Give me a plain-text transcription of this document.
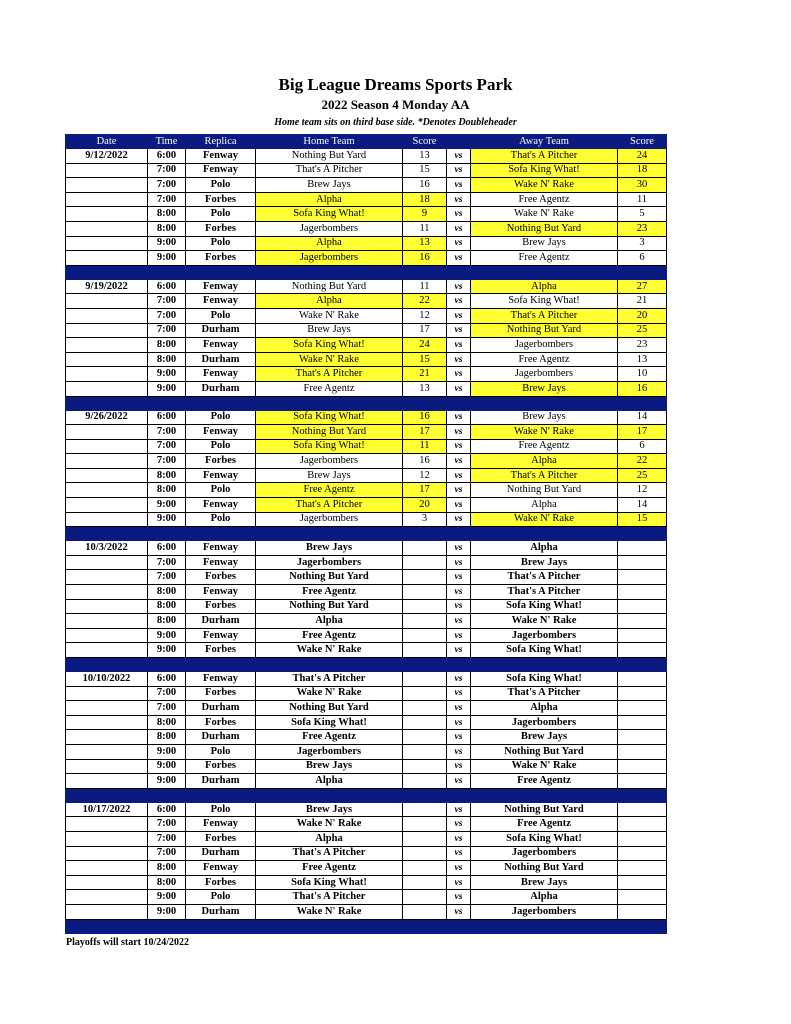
Big League Dreams Sports Park
2022 Season 4 Monday AA
Home team sits on third base side. *Denotes Doubleheader
Date	Time	Replica	Home Team	Score		Away Team	Score
9/12/2022	6:00	Fenway	Nothing But Yard	13	vs	That's A Pitcher	24
	7:00	Fenway	That's A Pitcher	15	vs	Sofa King What!	18
	7:00	Polo	Brew Jays	16	vs	Wake N' Rake	30
	7:00	Forbes	Alpha	18	vs	Free Agentz	11
	8:00	Polo	Sofa King What!	9	vs	Wake N' Rake	5
	8:00	Forbes	Jagerbombers	11	vs	Nothing But Yard	23
	9:00	Polo	Alpha	13	vs	Brew Jays	3
	9:00	Forbes	Jagerbombers	16	vs	Free Agentz	6

9/19/2022	6:00	Fenway	Nothing But Yard	11	vs	Alpha	27
	7:00	Fenway	Alpha	22	vs	Sofa King What!	21
	7:00	Polo	Wake N' Rake	12	vs	That's A Pitcher	20
	7:00	Durham	Brew Jays	17	vs	Nothing But Yard	25
	8:00	Fenway	Sofa King What!	24	vs	Jagerbombers	23
	8:00	Durham	Wake N' Rake	15	vs	Free Agentz	13
	9:00	Fenway	That's A Pitcher	21	vs	Jagerbombers	10
	9:00	Durham	Free Agentz	13	vs	Brew Jays	16

9/26/2022	6:00	Polo	Sofa King What!	16	vs	Brew Jays	14
	7:00	Fenway	Nothing But Yard	17	vs	Wake N' Rake	17
	7:00	Polo	Sofa King What!	11	vs	Free Agentz	6
	7:00	Forbes	Jagerbombers	16	vs	Alpha	22
	8:00	Fenway	Brew Jays	12	vs	That's A Pitcher	25
	8:00	Polo	Free Agentz	17	vs	Nothing But Yard	12
	9:00	Fenway	That's A Pitcher	20	vs	Alpha	14
	9:00	Polo	Jagerbombers	3	vs	Wake N' Rake	15

10/3/2022	6:00	Fenway	Brew Jays		vs	Alpha	
	7:00	Fenway	Jagerbombers		vs	Brew Jays	
	7:00	Forbes	Nothing But Yard		vs	That's A Pitcher	
	8:00	Fenway	Free Agentz		vs	That's A Pitcher	
	8:00	Forbes	Nothing But Yard		vs	Sofa King What!	
	8:00	Durham	Alpha		vs	Wake N' Rake	
	9:00	Fenway	Free Agentz		vs	Jagerbombers	
	9:00	Forbes	Wake N' Rake		vs	Sofa King What!	

10/10/2022	6:00	Fenway	That's A Pitcher		vs	Sofa King What!	
	7:00	Forbes	Wake N' Rake		vs	That's A Pitcher	
	7:00	Durham	Nothing But Yard		vs	Alpha	
	8:00	Forbes	Sofa King What!		vs	Jagerbombers	
	8:00	Durham	Free Agentz		vs	Brew Jays	
	9:00	Polo	Jagerbombers		vs	Nothing But Yard	
	9:00	Forbes	Brew Jays		vs	Wake N' Rake	
	9:00	Durham	Alpha		vs	Free Agentz	

10/17/2022	6:00	Polo	Brew Jays		vs	Nothing But Yard	
	7:00	Fenway	Wake N' Rake		vs	Free Agentz	
	7:00	Forbes	Alpha		vs	Sofa King What!	
	7:00	Durham	That's A Pitcher		vs	Jagerbombers	
	8:00	Fenway	Free Agentz		vs	Nothing But Yard	
	8:00	Forbes	Sofa King What!		vs	Brew Jays	
	9:00	Polo	That's A Pitcher		vs	Alpha	
	9:00	Durham	Wake N' Rake		vs	Jagerbombers	

Playoffs will start 10/24/2022
